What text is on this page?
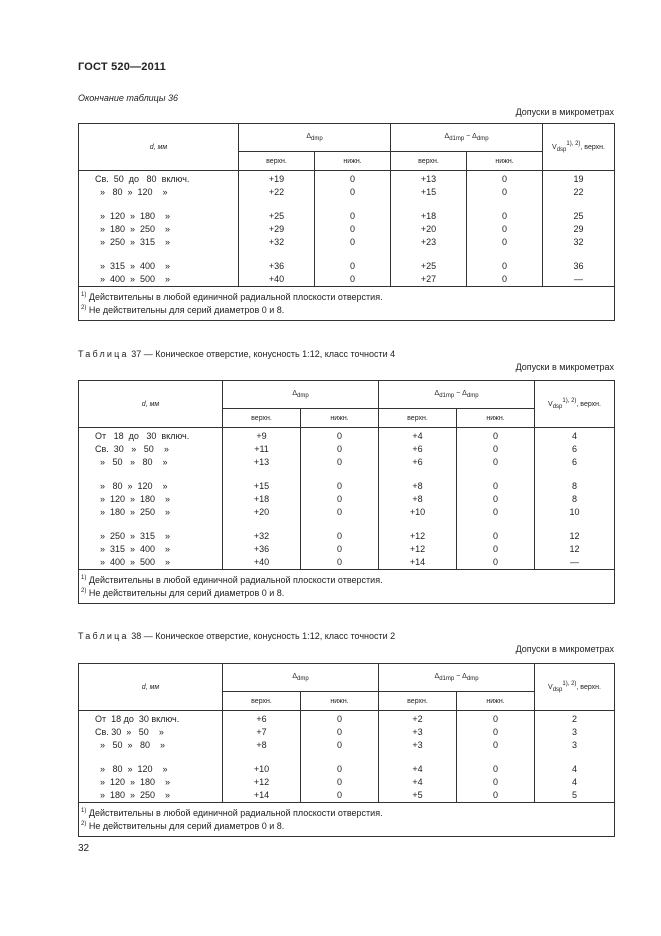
ГОСТ 520—2011
Окончание таблицы 36
Допуски в микрометрах
d, мм	Δdmp		Δd1mp − Δdmp		Vdsp1), 2), верхн.
	верхн.	нижн.	верхн.	нижн.	
Св.  50  до   80  включ.	+19	0	+13	0	19
»   80  »  120    »	+22	0	+15	0	22
»  120  »  180    »	+25	0	+18	0	25
»  180  »  250    »	+29	0	+20	0	29
»  250  »  315    »	+32	0	+23	0	32
»  315  »  400    »	+36	0	+25	0	36
»  400  »  500    »	+40	0	+27	0	—

$^{1)}$ Действительны в любой единичной радиальной плоскости отверстия.
$^{2)}$ Не действительны для серий диаметров 0 и 8.					
Таблица 37 — Коническое отверстие, конусность 1:12, класс точности 4
Допуски в микрометрах
d, мм	Δdmp		Δd1mp − Δdmp		Vdsp1), 2), верхн.
	верхн.	нижн.	верхн.	нижн.	
От   18  до   30  включ.	+9	0	+4	0	4
Св.  30   »   50    »	+11	0	+6	0	6
»   50   »   80    »	+13	0	+6	0	6
»   80  »  120    »	+15	0	+8	0	8
»  120  »  180    »	+18	0	+8	0	8
»  180  »  250    »	+20	0	+10	0	10
»  250  »  315    »	+32	0	+12	0	12
»  315  »  400    »	+36	0	+12	0	12
»  400  »  500    »	+40	0	+14	0	—

$^{1)}$ Действительны в любой единичной радиальной плоскости отверстия.
$^{2)}$ Не действительны для серий диаметров 0 и 8.					
Таблица 38 — Коническое отверстие, конусность 1:12, класс точности 2
Допуски в микрометрах
d, мм	Δdmp		Δd1mp − Δdmp		Vdsp1), 2), верхн.
	верхн.	нижн.	верхн.	нижн.	
От  18 до  30 включ.	+6	0	+2	0	2
Св. 30  »   50    »	+7	0	+3	0	3
»   50  »   80    »	+8	0	+3	0	3
»   80  »  120    »	+10	0	+4	0	4
»  120  »  180    »	+12	0	+4	0	4
»  180  »  250    »	+14	0	+5	0	5

$^{1)}$ Действительны в любой единичной радиальной плоскости отверстия.
$^{2)}$ Не действительны для серий диаметров 0 и 8.					
32
